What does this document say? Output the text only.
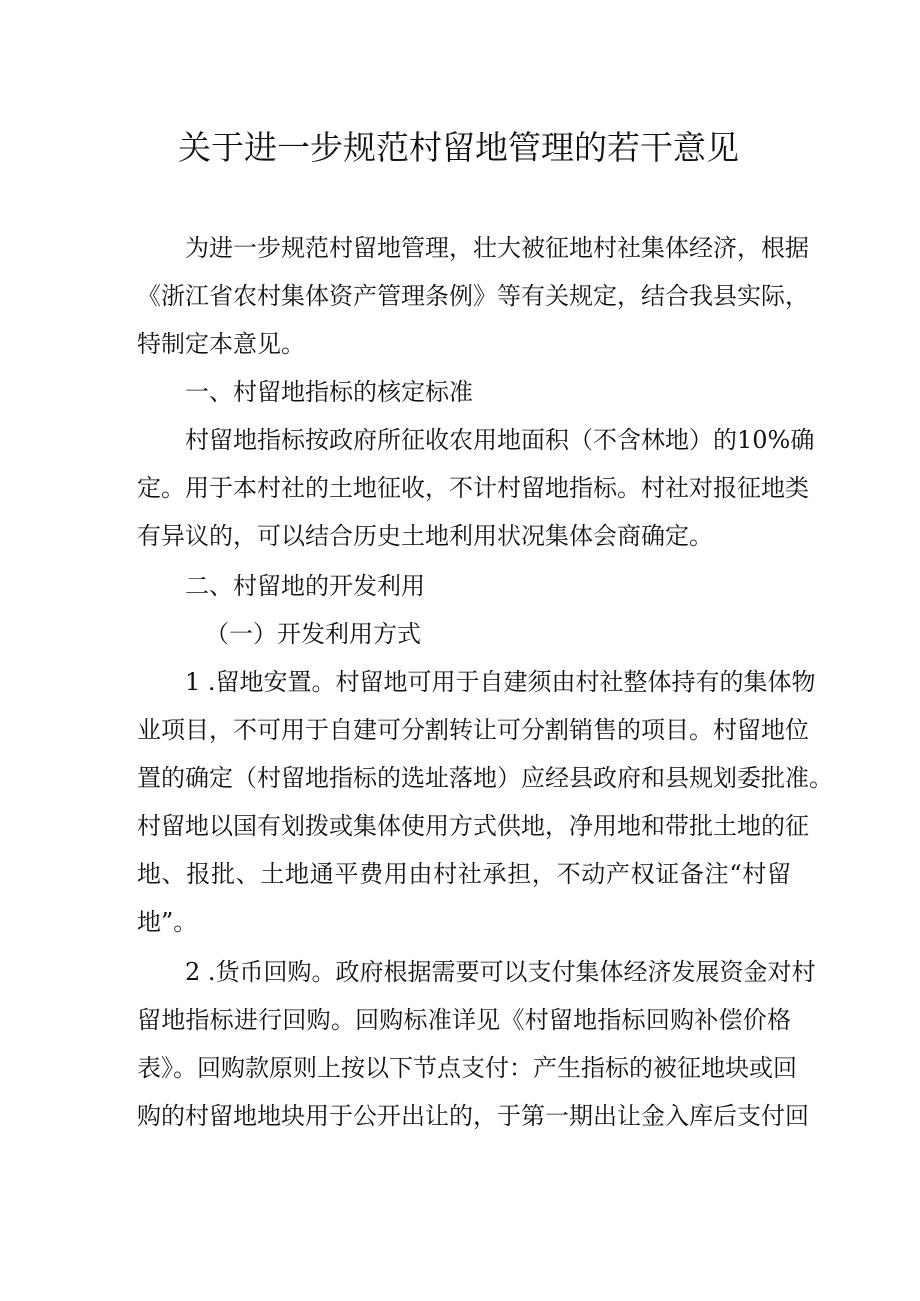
关于进一步规范村留地管理的若干意见

为进一步规范村留地管理，壮大被征地村社集体经济，根据

《浙江省农村集体资产管理条例》等有关规定，结合我县实际，

特制定本意见。

一、村留地指标的核定标准

村留地指标按政府所征收农用地面积（不含林地）的10%确

定。用于本村社的土地征收，不计村留地指标。村社对报征地类

有异议的，可以结合历史土地利用状况集体会商确定。

二、村留地的开发利用

（一）开发利用方式

1 .留地安置。村留地可用于自建须由村社整体持有的集体物

业项目，不可用于自建可分割转让可分割销售的项目。村留地位

置的确定（村留地指标的选址落地）应经县政府和县规划委批准。

村留地以国有划拨或集体使用方式供地，净用地和带批土地的征

地、报批、土地通平费用由村社承担，不动产权证备注“村留

地”。

2 .货币回购。政府根据需要可以支付集体经济发展资金对村

留地指标进行回购。回购标准详见《村留地指标回购补偿价格

表》。回购款原则上按以下节点支付：产生指标的被征地块或回

购的村留地地块用于公开出让的，于第一期出让金入库后支付回
